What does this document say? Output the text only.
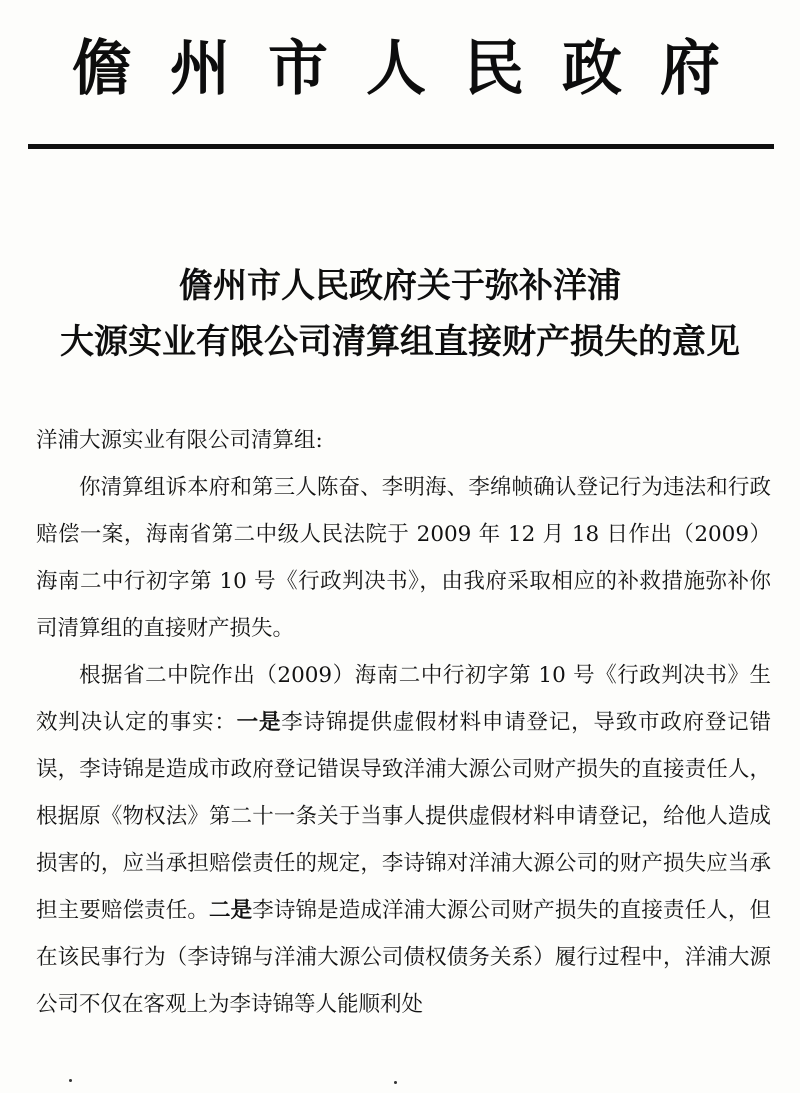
儋州市人民政府
儋州市人民政府关于弥补洋浦
大源实业有限公司清算组直接财产损失的意见

洋浦大源实业有限公司清算组:

你清算组诉本府和第三人陈奋、李明海、李绵帧确认登记行为违法和行政赔偿一案，海南省第二中级人民法院于 2009 年 12 月 18 日作出（2009）海南二中行初字第 10 号《行政判决书》，由我府采取相应的补救措施弥补你司清算组的直接财产损失。

根据省二中院作出（2009）海南二中行初字第 10 号《行政判决书》生效判决认定的事实：一是李诗锦提供虚假材料申请登记，导致市政府登记错误，李诗锦是造成市政府登记错误导致洋浦大源公司财产损失的直接责任人，根据原《物权法》第二十一条关于当事人提供虚假材料申请登记，给他人造成损害的，应当承担赔偿责任的规定，李诗锦对洋浦大源公司的财产损失应当承担主要赔偿责任。二是李诗锦是造成洋浦大源公司财产损失的直接责任人，但在该民事行为（李诗锦与洋浦大源公司债权债务关系）履行过程中，洋浦大源公司不仅在客观上为李诗锦等人能顺利处
